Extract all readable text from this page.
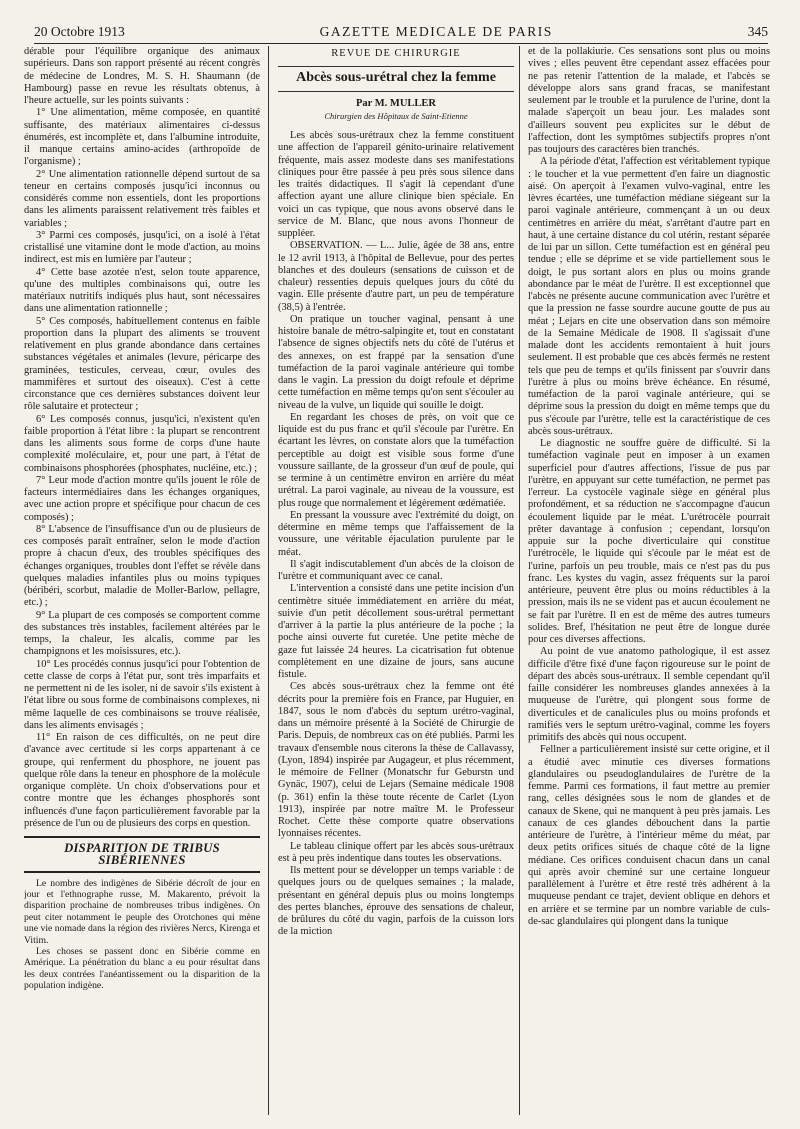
20 Octobre 1913	GAZETTE MEDICALE DE PARIS	345

dérable pour l'équilibre organique des animaux supérieurs. Dans son rapport présenté au récent congrès de médecine de Londres, M. S. H. Shaumann (de Hambourg) passe en revue les résultats obtenus, à l'heure actuelle, sur les points suivants :

1° Une alimentation, même composée, en quantité suffisante, des matériaux alimentaires ci-dessus énumérés, est incomplète et, dans l'albumine introduite, il manque certains amino-acides (arthropoïde de l'organisme) ;

2° Une alimentation rationnelle dépend surtout de sa teneur en certains composés jusqu'ici inconnus ou considérés comme non essentiels, dont les proportions dans les aliments paraissent relativement très faibles et variables ;

3° Parmi ces composés, jusqu'ici, on a isolé à l'état cristallisé une vitamine dont le mode d'action, au moins indirect, est mis en lumière par l'auteur ;

4° Cette base azotée n'est, selon toute apparence, qu'une des multiples combinaisons qui, outre les matériaux nutritifs indiqués plus haut, sont nécessaires dans une alimentation rationnelle ;

5° Ces composés, habituellement contenus en faible proportion dans la plupart des aliments se trouvent relativement en plus grande abondance dans certaines substances végétales et animales (levure, péricarpe des graminées, testicules, cerveau, cœur, ovules des mammifères et surtout des oiseaux). C'est à cette circonstance que ces dernières substances doivent leur rôle salutaire et protecteur ;

6° Les composés connus, jusqu'ici, n'existent qu'en faible proportion à l'état libre : la plupart se rencontrent dans les aliments sous forme de corps d'une haute complexité moléculaire, et, pour une part, à l'état de combinaisons phosphorées (phosphates, nucléine, etc.) ;

7° Leur mode d'action montre qu'ils jouent le rôle de facteurs intermédiaires dans les échanges organiques, avec une action propre et spécifique pour chacun de ces composés) ;

8° L'absence de l'insuffisance d'un ou de plusieurs de ces composés paraît entraîner, selon le mode d'action propre à chacun d'eux, des troubles spécifiques des échanges organiques, troubles dont l'effet se révèle dans quelques maladies infantiles plus ou moins typiques (béribéri, scorbut, maladie de Moller-Barlow, pellagre, etc.) ;

9° La plupart de ces composés se comportent comme des substances très instables, facilement altérées par le temps, la chaleur, les alcalis, comme par les champignons et les moisissures, etc.).

10° Les procédés connus jusqu'ici pour l'obtention de cette classe de corps à l'état pur, sont très imparfaits et ne permettent ni de les isoler, ni de savoir s'ils existent à l'état libre ou sous forme de combinaisons complexes, ni même laquelle de ces combinaisons se trouve réalisée, dans les aliments envisagés ;

11° En raison de ces difficultés, on ne peut dire d'avance avec certitude si les corps appartenant à ce groupe, qui renferment du phosphore, ne jouent pas quelque rôle dans la teneur en phosphore de la molécule organique complète. Un choix d'observations pour et contre montre que les échanges phosphorés sont influencés d'une façon particulièrement favorable par la présence de l'un ou de plusieurs des corps en question.

DISPARITION DE TRIBUS SIBÉRIENNES

Le nombre des indigènes de Sibérie décroît de jour en jour et l'ethnographe russe, M. Makarento, prévoit la disparition prochaine de nombreuses tribus indigènes. On peut citer notamment le peuple des Orotchones qui mène une vie nomade dans la région des rivières Nercs, Kirenga et Vitim.

Les choses se passent donc en Sibérie comme en Amérique. La pénétration du blanc a eu pour résultat dans les deux contrées l'anéantissement ou la disparition de la population indigène.

REVUE DE CHIRURGIE
Abcès sous-urétral chez la femme
Par M. MULLER
Chirurgien des Hôpitaux de Saint-Etienne

Les abcès sous-urétraux chez la femme constituent une affection de l'appareil génito-urinaire relativement fréquente, mais assez modeste dans ses manifestations cliniques pour être passée à peu près sous silence dans les traités didactiques. Il s'agit là cependant d'une affection ayant une allure clinique bien spéciale. En voici un cas typique, que nous avons observé dans le service de M. Blanc, que nous avons l'honneur de suppléer.

OBSERVATION. — L... Julie, âgée de 38 ans, entre le 12 avril 1913, à l'hôpital de Bellevue, pour des pertes blanches et des douleurs (sensations de cuisson et de chaleur) ressenties depuis quelques jours du côté du vagin. Elle présente d'autre part, un peu de température (38,5) à l'entrée.

On pratique un toucher vaginal, pensant à une histoire banale de métro-salpingite et, tout en constatant l'absence de signes objectifs nets du côté de l'utérus et des annexes, on est frappé par la sensation d'une tuméfaction de la paroi vaginale antérieure qui tombe dans le vagin. La pression du doigt refoule et déprime cette tuméfaction en même temps qu'on sent s'écouler au niveau de la vulve, un liquide qui souille le doigt.

En regardant les choses de près, on voit que ce liquide est du pus franc et qu'il s'écoule par l'urètre. En écartant les lèvres, on constate alors que la tuméfaction perceptible au doigt est visible sous forme d'une voussure saillante, de la grosseur d'un œuf de poule, qui se termine à un centimètre environ en arrière du méat urétral. La paroi vaginale, au niveau de la voussure, est plus rouge que normalement et légèrement œdématiée.

En pressant la voussure avec l'extrémité du doigt, on détermine en même temps que l'affaissement de la voussure, une véritable éjaculation purulente par le méat.

Il s'agit indiscutablement d'un abcès de la cloison de l'urètre et communiquant avec ce canal.

L'intervention a consisté dans une petite incision d'un centimètre située immédiatement en arrière du méat, suivie d'un petit décollement sous-urétral permettant d'arriver à la partie la plus antérieure de la poche ; la poche ainsi ouverte fut curetée. Une petite mèche de gaze fut laissée 24 heures. La cicatrisation fut obtenue complètement en une dizaine de jours, sans aucune fistule.

Ces abcès sous-urétraux chez la femme ont été décrits pour la première fois en France, par Huguier, en 1847, sous le nom d'abcès du septum urétro-vaginal, dans un mémoire présenté à la Société de Chirurgie de Paris. Depuis, de nombreux cas on été publiés. Parmi les travaux d'ensemble nous citerons la thèse de Callavassy, (Lyon, 1894) inspirée par Augageur, et plus récemment, le mémoire de Fellner (Monatschr fur Geburstn und Gynäc, 1907), celui de Lejars (Semaine médicale 1908 (p. 361) enfin la thèse toute récente de Carlet (Lyon 1913), inspirée par notre maître M. le Professeur Rochet. Cette thèse comporte quatre observations lyonnaises récentes.

Le tableau clinique offert par les abcès sous-urétraux est à peu près indentique dans toutes les observations.

Ils mettent pour se développer un temps variable : de quelques jours ou de quelques semaines ; la malade, présentant en général depuis plus ou moins longtemps des pertes blanches, éprouve des sensations de chaleur, de brûlures du côté du vagin, parfois de la cuisson lors de la miction

et de la pollakiurie. Ces sensations sont plus ou moins vives ; elles peuvent être cependant assez effacées pour ne pas retenir l'attention de la malade, et l'abcès se développe alors sans grand fracas, se manifestant seulement par le trouble et la purulence de l'urine, dont la malade s'aperçoit un beau jour. Les malades sont d'ailleurs souvent peu explicites sur le début de l'affection, dont les symptômes subjectifs propres n'ont pas toujours des caractères bien tranchés.

A la période d'état, l'affection est véritablement typique : le toucher et la vue permettent d'en faire un diagnostic aisé. On aperçoit à l'examen vulvo-vaginal, entre les lèvres écartées, une tuméfaction médiane siégeant sur la paroi vaginale antérieure, commençant à un ou deux centimètres en arrière du méat, s'arrêtant d'autre part en haut, à une certaine distance du col utérin, restant séparée de lui par un sillon. Cette tuméfaction est en général peu tendue ; elle se déprime et se vide partiellement sous le doigt, le pus sortant alors en plus ou moins grande abondance par le méat de l'urètre. Il est exceptionnel que l'abcès ne présente aucune communication avec l'urètre et que la pression ne fasse sourdre aucune goutte de pus au méat ; Lejars en cite une observation dans son mémoire de la Semaine Médicale de 1908. Il s'agissait d'une malade dont les accidents remontaient à huit jours seulement. Il est probable que ces abcès fermés ne restent tels que peu de temps et qu'ils finissent par s'ouvrir dans l'urètre à plus ou moins brève échéance. En résumé, tuméfaction de la paroi vaginale antérieure, qui se déprime sous la pression du doigt en même temps que du pus s'écoule par l'urètre, telle est la caractéristique de ces abcès sous-urétraux.

Le diagnostic ne souffre guère de difficulté. Si la tuméfaction vaginale peut en imposer à un examen superficiel pour d'autres affections, l'issue de pus par l'urètre, en appuyant sur cette tuméfaction, ne permet pas l'erreur. La cystocèle vaginale siège en général plus profondément, et sa réduction ne s'accompagne d'aucun écoulement liquide par le méat. L'urétrocèle pourrait prêter davantage à confusion ; cependant, lorsqu'on appuie sur la poche diverticulaire qui constitue l'urétrocèle, le liquide qui s'écoule par le méat est de l'urine, parfois un peu trouble, mais ce n'est pas du pus franc. Les kystes du vagin, assez fréquents sur la paroi antérieure, peuvent être plus ou moins réductibles à la pression, mais ils ne se vident pas et aucun écoulement ne se fait par l'urètre. Il en est de même des autres tumeurs solides. Bref, l'hésitation ne peut être de longue durée pour ces diverses affections.

Au point de vue anatomo pathologique, il est assez difficile d'être fixé d'une façon rigoureuse sur le point de départ des abcès sous-urétraux. Il semble cependant qu'il faille considérer les nombreuses glandes annexées à la muqueuse de l'urètre, qui plongent sous forme de diverticules et de canalicules plus ou moins profonds et ramifiés vers le septum urétro-vaginal, comme les foyers primitifs des abcès qui nous occupent.

Fellner a particulièrement insisté sur cette origine, et il a étudié avec minutie ces diverses formations glandulaires ou pseudoglandulaires de l'urètre de la femme. Parmi ces formations, il faut mettre au premier rang, celles désignées sous le nom de glandes et de canaux de Skene, qui ne manquent à peu près jamais. Les canaux de ces glandes débouchent dans la partie antérieure de l'urètre, à l'intérieur même du méat, par deux petits orifices situés de chaque côté de la ligne médiane. Ces orifices conduisent chacun dans un canal qui après avoir cheminé sur une certaine longueur parallèlement à l'urètre et être resté très adhérent à la muqueuse pendant ce trajet, devient oblique en dehors et en arrière et se termine par un nombre variable de culs-de-sac glandulaires qui plongent dans la tunique
